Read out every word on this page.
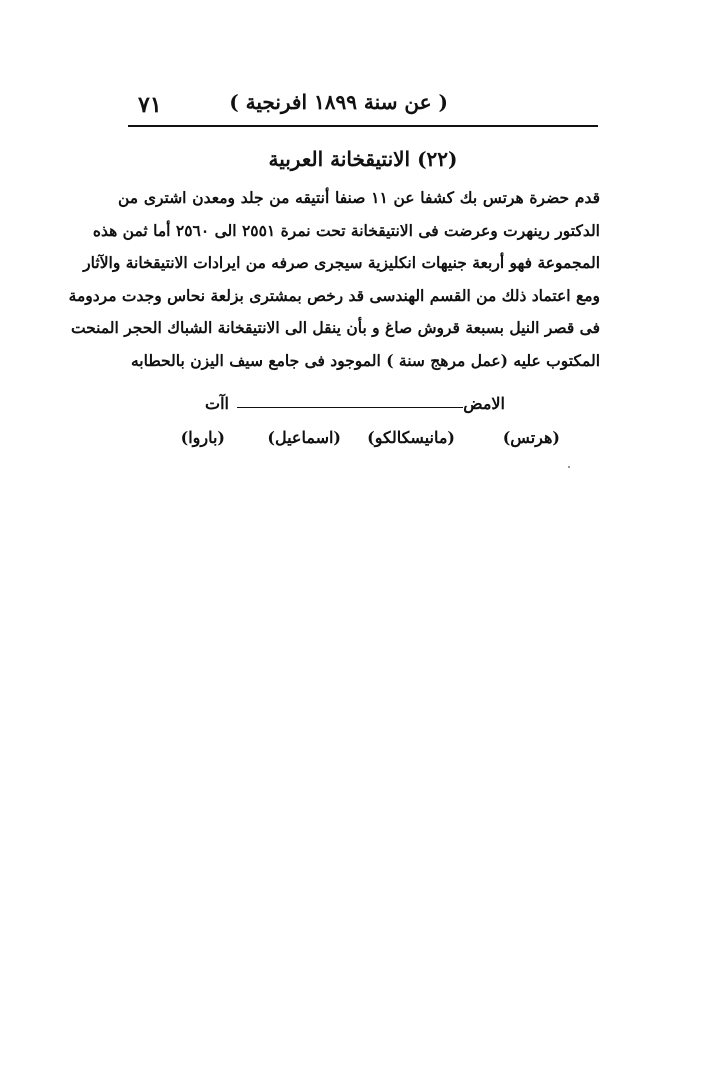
٧١	( عن سنة ١٨٩٩ افرنجية )
(٢٢) الانتيقخانة العربية
قدم حضرة هرتس بك كشفا عن ١١ صنفا أنتيقه من جلد ومعدن اشترى من
الدكتور رينهرت وعرضت فى الانتيقخانة تحت نمرة ٢٥٥١ الى ٢٥٦٠ أما ثمن هذه
المجموعة فهو أربعة جنيهات انكليزية سيجرى صرفه من ايرادات الانتيقخانة والآثار
ومع اعتماد ذلك من القسم الهندسى قد رخص بمشترى بزلعة نحاس وجدت مردومة
فى قصر النيل بسبعة قروش صاغ و بأن ينقل الى الانتيقخانة الشباك الحجر المنحت
المكتوب عليه (عمل مرهج سنة ) الموجود فى جامع سيف اليزن بالحطابه
الامض
اآت
(هرتس)
(مانيسكالكو)
(اسماعيل)
(باروا)
